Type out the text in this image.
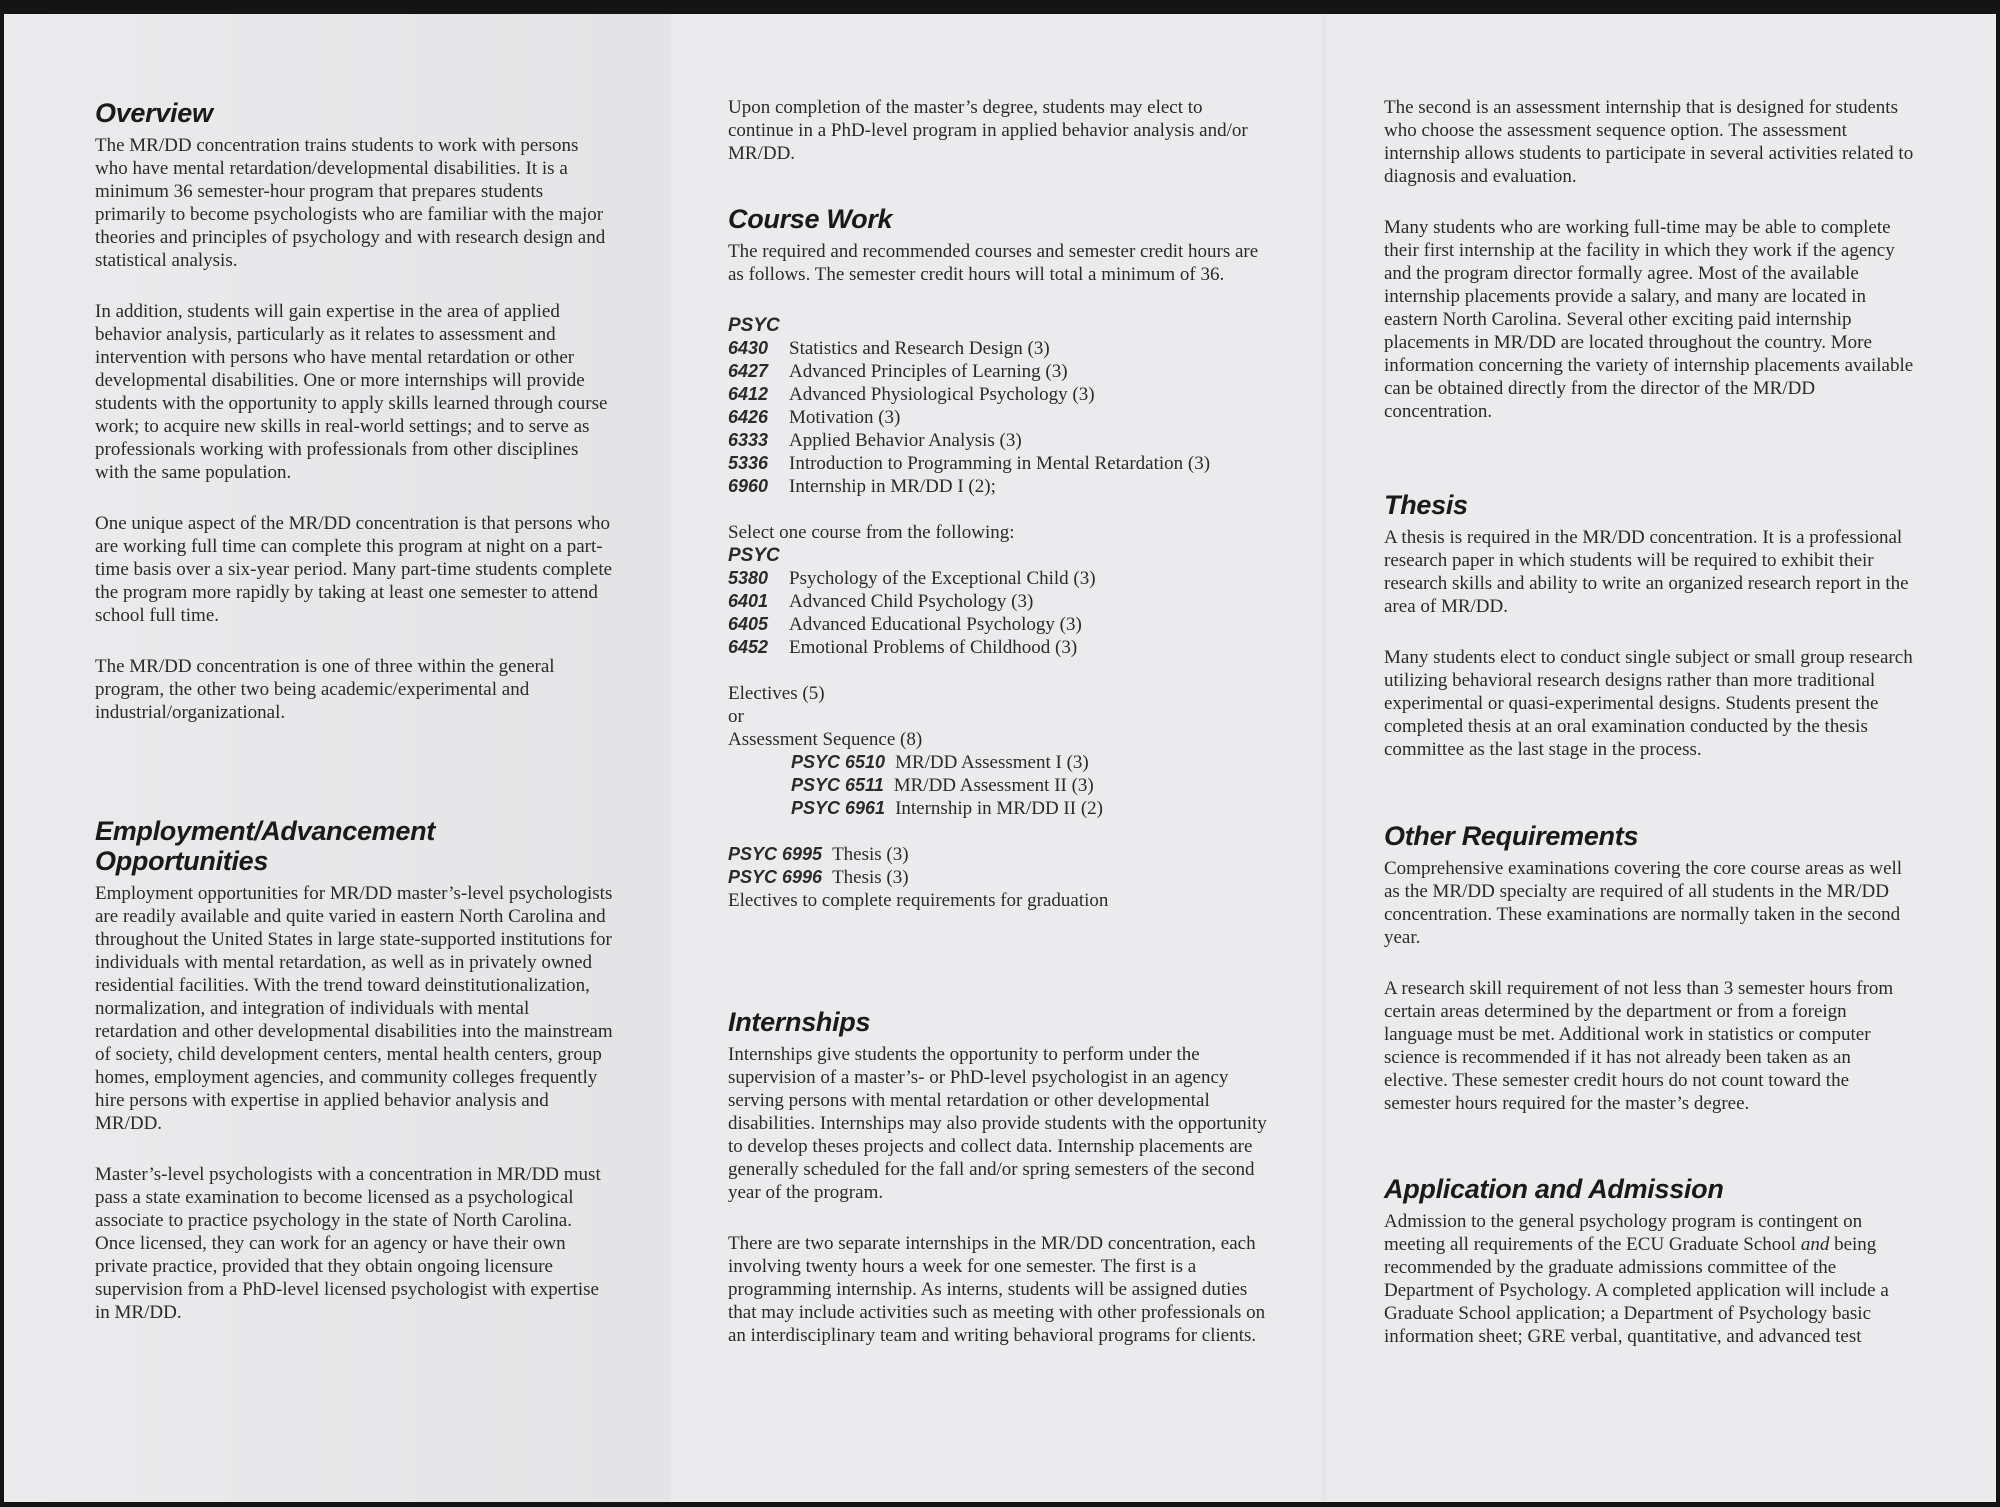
Overview

The MR/DD concentration trains students to work with persons who have mental retardation/developmental disabilities. It is a minimum 36 semester-hour program that prepares students primarily to become psychologists who are familiar with the major theories and principles of psychology and with research design and statistical analysis.

In addition, students will gain expertise in the area of applied behavior analysis, particularly as it relates to assessment and intervention with persons who have mental retardation or other developmental disabilities. One or more internships will provide students with the opportunity to apply skills learned through course work; to acquire new skills in real-world settings; and to serve as professionals working with professionals from other disciplines with the same population.

One unique aspect of the MR/DD concentration is that persons who are working full time can complete this program at night on a part-time basis over a six-year period. Many part-time students complete the program more rapidly by taking at least one semester to attend school full time.

The MR/DD concentration is one of three within the general program, the other two being academic/experimental and industrial/organizational.

Employment/Advancement Opportunities

Employment opportunities for MR/DD master’s-level psychologists are readily available and quite varied in eastern North Carolina and throughout the United States in large state-supported institutions for individuals with mental retardation, as well as in privately owned residential facilities. With the trend toward deinstitutionalization, normalization, and integration of individuals with mental retardation and other developmental disabilities into the mainstream of society, child development centers, mental health centers, group homes, employment agencies, and community colleges frequently hire persons with expertise in applied behavior analysis and MR/DD.

Master’s-level psychologists with a concentration in MR/DD must pass a state examination to become licensed as a psychological associate to practice psychology in the state of North Carolina. Once licensed, they can work for an agency or have their own private practice, provided that they obtain ongoing licensure supervision from a PhD-level licensed psychologist with expertise in MR/DD.

Upon completion of the master’s degree, students may elect to continue in a PhD-level program in applied behavior analysis and/or MR/DD.

Course Work

The required and recommended courses and semester credit hours are as follows. The semester credit hours will total a minimum of 36.

PSYC
6430	Statistics and Research Design (3)
6427	Advanced Principles of Learning (3)
6412	Advanced Physiological Psychology (3)
6426	Motivation (3)
6333	Applied Behavior Analysis (3)
5336	Introduction to Programming in Mental Retardation (3)
6960	Internship in MR/DD I (2);
Select one course from the following:
PSYC
5380	Psychology of the Exceptional Child (3)
6401	Advanced Child Psychology (3)
6405	Advanced Educational Psychology (3)
6452	Emotional Problems of Childhood (3)
Electives (5)
or
Assessment Sequence (8)
PSYC 6510 MR/DD Assessment I (3)
PSYC 6511 MR/DD Assessment II (3)
PSYC 6961 Internship in MR/DD II (2)
PSYC 6995 Thesis (3)
PSYC 6996 Thesis (3)
Electives to complete requirements for graduation
Internships

Internships give students the opportunity to perform under the supervision of a master’s- or PhD-level psychologist in an agency serving persons with mental retardation or other developmental disabilities. Internships may also provide students with the opportunity to develop theses projects and collect data. Internship placements are generally scheduled for the fall and/or spring semesters of the second year of the program.

There are two separate internships in the MR/DD concentration, each involving twenty hours a week for one semester. The first is a programming internship. As interns, students will be assigned duties that may include activities such as meeting with other professionals on an interdisciplinary team and writing behavioral programs for clients.

The second is an assessment internship that is designed for students who choose the assessment sequence option. The assessment internship allows students to participate in several activities related to diagnosis and evaluation.

Many students who are working full-time may be able to complete their first internship at the facility in which they work if the agency and the program director formally agree. Most of the available internship placements provide a salary, and many are located in eastern North Carolina. Several other exciting paid internship placements in MR/DD are located throughout the country. More information concerning the variety of internship placements available can be obtained directly from the director of the MR/DD concentration.

Thesis

A thesis is required in the MR/DD concentration. It is a professional research paper in which students will be required to exhibit their research skills and ability to write an organized research report in the area of MR/DD.

Many students elect to conduct single subject or small group research utilizing behavioral research designs rather than more traditional experimental or quasi-experimental designs. Students present the completed thesis at an oral examination conducted by the thesis committee as the last stage in the process.

Other Requirements

Comprehensive examinations covering the core course areas as well as the MR/DD specialty are required of all students in the MR/DD concentration. These examinations are normally taken in the second year.

A research skill requirement of not less than 3 semester hours from certain areas determined by the department or from a foreign language must be met. Additional work in statistics or computer science is recommended if it has not already been taken as an elective. These semester credit hours do not count toward the semester hours required for the master’s degree.

Application and Admission

Admission to the general psychology program is contingent on meeting all requirements of the ECU Graduate School and being recommended by the graduate admissions committee of the Department of Psychology. A completed application will include a Graduate School application; a Department of Psychology basic information sheet; GRE verbal, quantitative, and advanced test
